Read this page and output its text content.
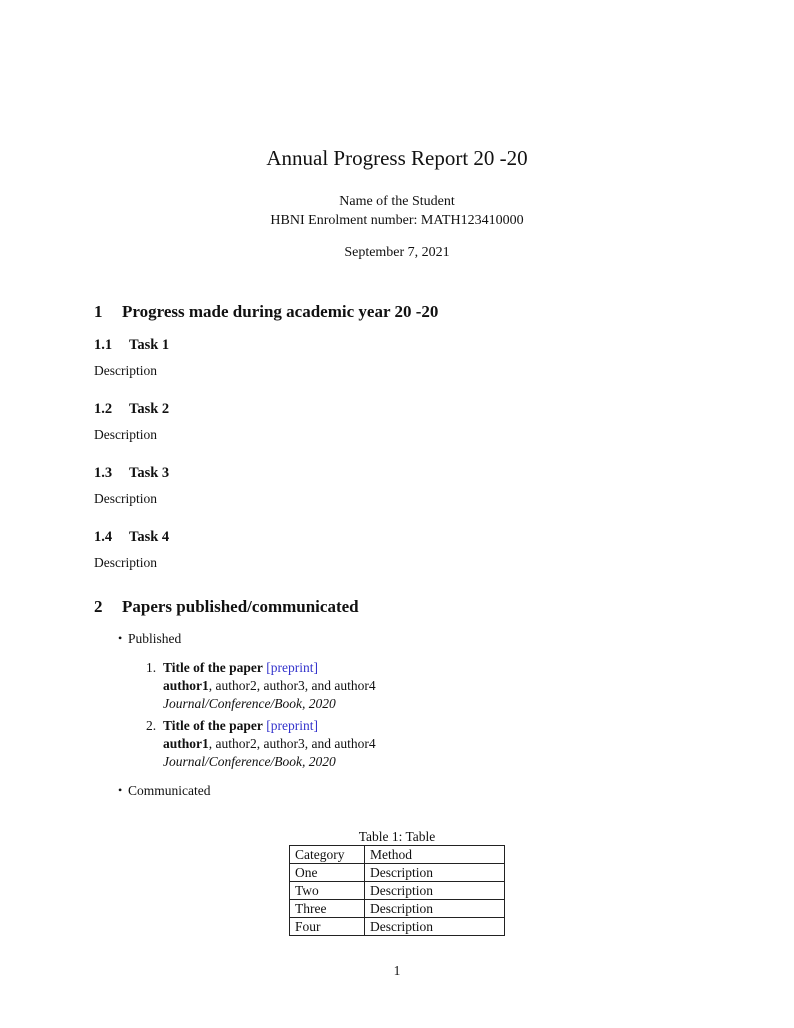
Annual Progress Report 20 -20
Name of the Student
HBNI Enrolment number: MATH123410000
September 7, 2021
1 Progress made during academic year 20 -20
1.1 Task 1
Description
1.2 Task 2
Description
1.3 Task 3
Description
1.4 Task 4
Description
2 Papers published/communicated
• Published
1. Title of the paper [preprint]
author1, author2, author3, and author4
Journal/Conference/Book, 2020
2. Title of the paper [preprint]
author1, author2, author3, and author4
Journal/Conference/Book, 2020
• Communicated
Table 1: Table
Category	Method
One	Description
Two	Description
Three	Description
Four	Description
1
